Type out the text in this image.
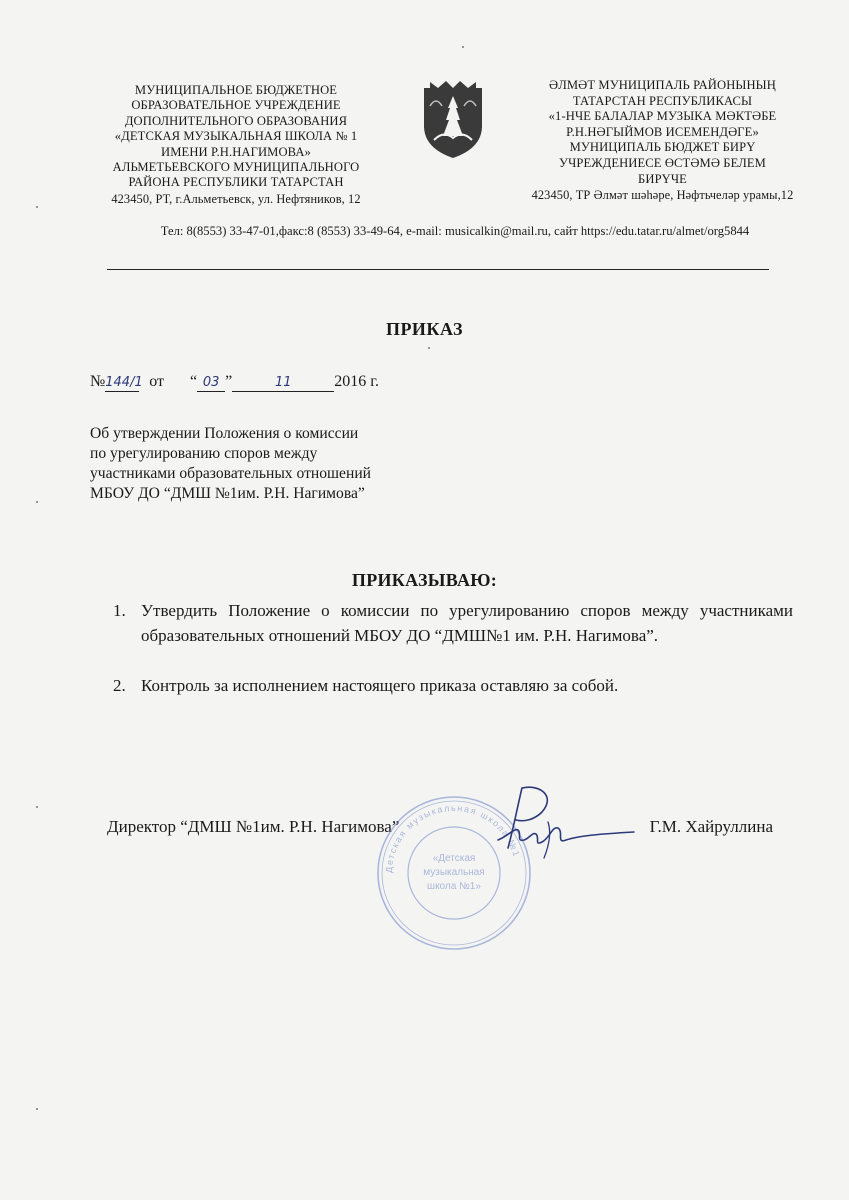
МУНИЦИПАЛЬНОЕ БЮДЖЕТНОЕ
ОБРАЗОВАТЕЛЬНОЕ УЧРЕЖДЕНИЕ
ДОПОЛНИТЕЛЬНОГО ОБРАЗОВАНИЯ
«ДЕТСКАЯ МУЗЫКАЛЬНАЯ ШКОЛА № 1
ИМЕНИ Р.Н.НАГИМОВА»
АЛЬМЕТЬЕВСКОГО МУНИЦИПАЛЬНОГО
РАЙОНА РЕСПУБЛИКИ ТАТАРСТАН
423450, РТ, г.Альметьевск, ул. Нефтяников, 12
ӘЛМӘТ МУНИЦИПАЛЬ РАЙОНЫНЫҢ
ТАТАРСТАН РЕСПУБЛИКАСЫ
«1-НЧЕ БАЛАЛАР МУЗЫКА МӘКТӘБЕ
Р.Н.НӘГЫЙМОВ ИСЕМЕНДӘГЕ»
МУНИЦИПАЛЬ БЮДЖЕТ БИРҮ
УЧРЕЖДЕНИЕСЕ ӨСТӘМӘ БЕЛЕМ
БИРҮЧЕ
423450, ТР Әлмәт шәһәре, Нәфтьчеләр урамы,12
Тел: 8(8553) 33-47-01,факс:8 (8553) 33-49-64, e-mail: musicalkin@mail.ru, сайт https://edu.tatar.ru/almet/org5844
ПРИКАЗ
№144/1 от “ 03 ”	11	2016 г.
Об утверждении Положения о комиссии
по урегулированию споров между
участниками образовательных отношений
МБОУ ДО “ДМШ №1им. Р.Н. Нагимова”
ПРИКАЗЫВАЮ:
1. Утвердить Положение о комиссии по урегулированию споров между участниками образовательных отношений МБОУ ДО “ДМШ№1 им. Р.Н. Нагимова”.
2. Контроль за исполнением настоящего приказа оставляю за собой.
Директор “ДМШ №1им. Р.Н. Нагимова”	Г.М. Хайруллина
Детская музыкальная школа №1
«Детская
музыкальная
школа №1»
